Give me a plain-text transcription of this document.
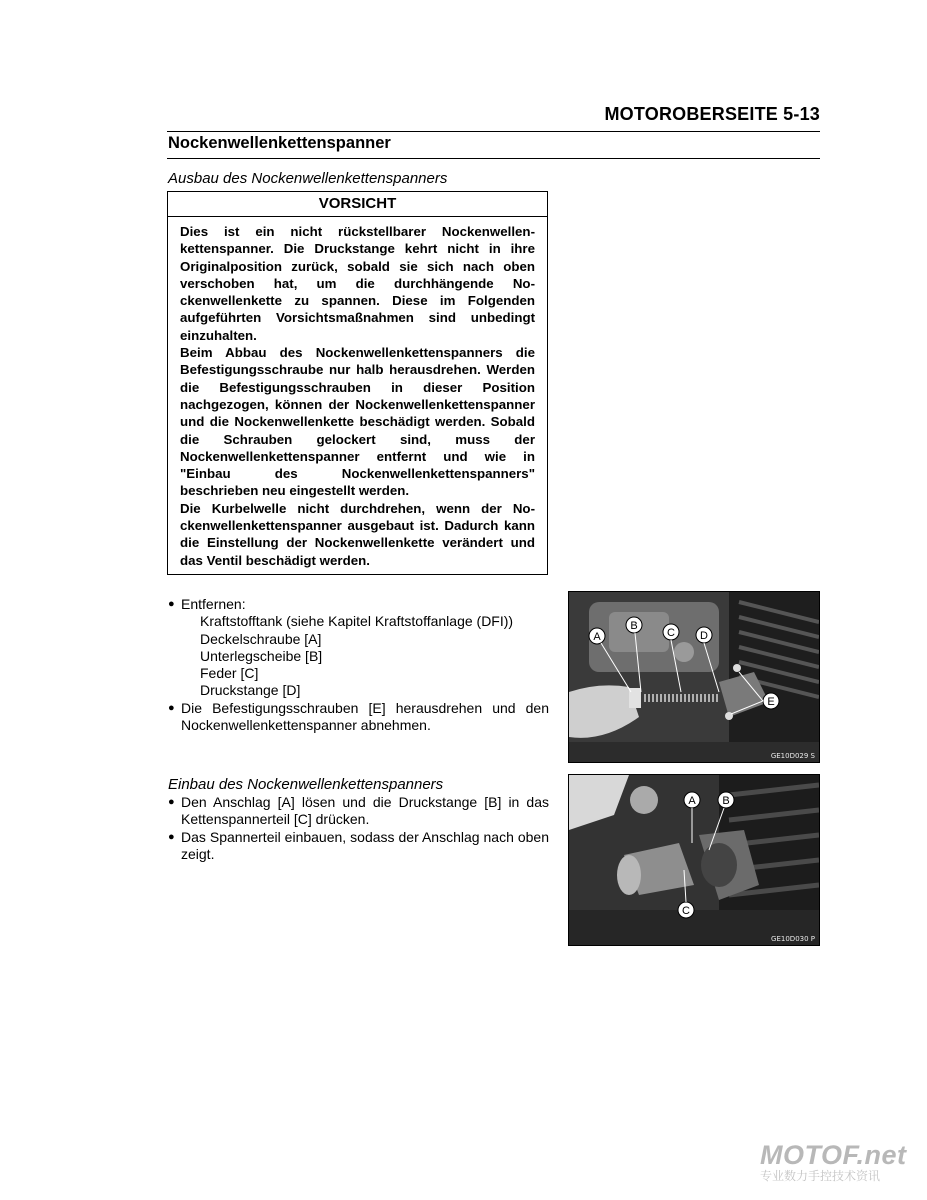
MOTOROBERSEITE 5-13
Nockenwellenkettenspanner
Ausbau des Nockenwellenkettenspanners
VORSICHT

Dies ist ein nicht rückstellbarer Nockenwellenkettenspanner. Die Druckstange kehrt nicht in ihre Originalposition zurück, sobald sie sich nach oben verschoben hat, um die durchhängende Nockenwellenkette zu spannen. Diese im Folgenden aufgeführten Vorsichtsmaßnahmen sind unbedingt einzuhalten.

Beim Abbau des Nockenwellenkettenspanners die Befestigungsschraube nur halb herausdrehen. Werden die Befestigungsschrauben in dieser Position nachgezogen, können der Nockenwellenkettenspanner und die Nockenwellenkette beschädigt werden. Sobald die Schrauben gelockert sind, muss der Nockenwellenkettenspanner entfernt und wie in "Einbau des Nockenwellenkettenspanners" beschrieben neu eingestellt werden.

Die Kurbelwelle nicht durchdrehen, wenn der Nockenwellenkettenspanner ausgebaut ist. Dadurch kann die Einstellung der Nockenwellenkette verändert und das Ventil beschädigt werden.

● Entfernen:
Kraftstofftank (siehe Kapitel Kraftstoffanlage (DFI))
Deckelschraube [A]
Unterlegscheibe [B]
Feder [C]
Druckstange [D]
● Die Befestigungsschrauben [E] herausdrehen und den Nockenwellenkettenspanner abnehmen.
A
B
C D
E
GE10D029 S
Einbau des Nockenwellenkettenspanners
● Den Anschlag [A] lösen und die Druckstange [B] in das Kettenspannerteil [C] drücken.
● Das Spannerteil einbauen, sodass der Anschlag nach oben zeigt.
A B
C
GE10D030 P
MOTOF.net
专业数力手控技术资讯
